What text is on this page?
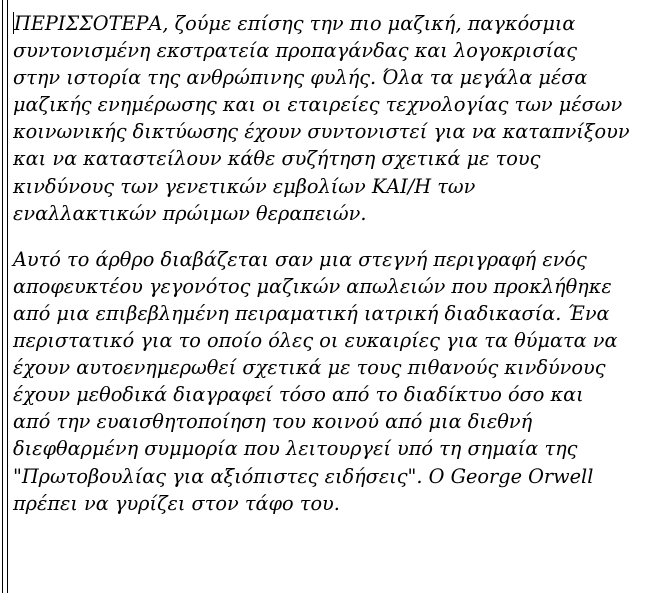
ΠΕΡΙΣΣΟΤΕΡΑ, ζούμε επίσης την πιο μαζική, παγκόσμια
συντονισμένη εκστρατεία προπαγάνδας και λογοκρισίας
στην ιστορία της ανθρώπινης φυλής. Όλα τα μεγάλα μέσα
μαζικής ενημέρωσης και οι εταιρείες τεχνολογίας των μέσων
κοινωνικής δικτύωσης έχουν συντονιστεί για να καταπνίξουν
και να καταστείλουν κάθε συζήτηση σχετικά με τους
κινδύνους των γενετικών εμβολίων ΚΑΙ/Η των
εναλλακτικών πρώιμων θεραπειών.

Αυτό το άρθρο διαβάζεται σαν μια στεγνή περιγραφή ενός
αποφευκτέου γεγονότος μαζικών απωλειών που προκλήθηκε
από μια επιβεβλημένη πειραματική ιατρική διαδικασία. Ένα
περιστατικό για το οποίο όλες οι ευκαιρίες για τα θύματα να
έχουν αυτοενημερωθεί σχετικά με τους πιθανούς κινδύνους
έχουν μεθοδικά διαγραφεί τόσο από το διαδίκτυο όσο και
από την ευαισθητοποίηση του κοινού από μια διεθνή
διεφθαρμένη συμμορία που λειτουργεί υπό τη σημαία της
"Πρωτοβουλίας για αξιόπιστες ειδήσεις". Ο George Orwell
πρέπει να γυρίζει στον τάφο του.
